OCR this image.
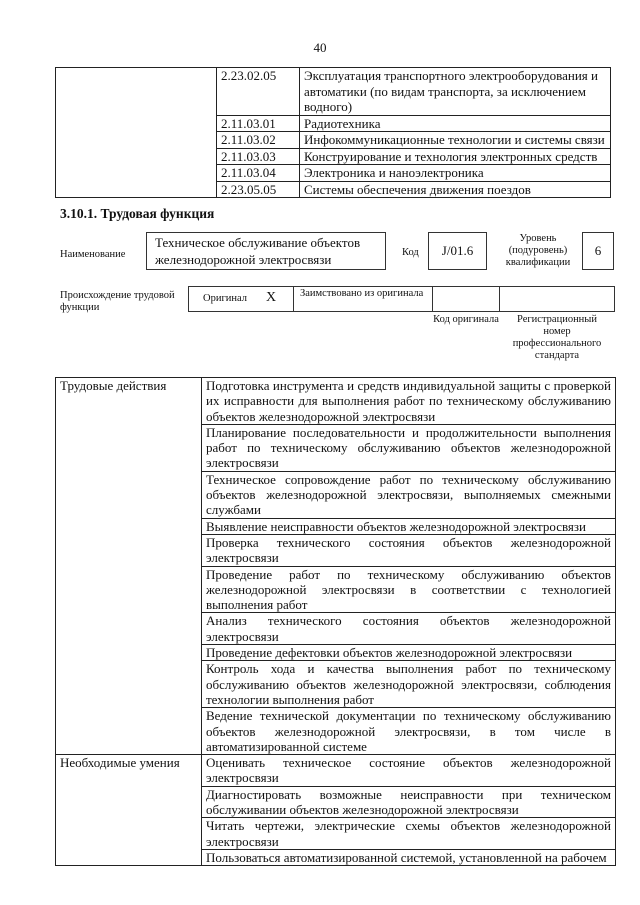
40
	2.23.02.05	Эксплуатация транспортного электрооборудования и автоматики (по видам транспорта, за исключением водного)
	2.11.03.01	Радиотехника
	2.11.03.02	Инфокоммуникационные технологии и системы связи
	2.11.03.03	Конструирование и технология электронных средств
	2.11.03.04	Электроника и наноэлектроника
	2.23.05.05	Системы обеспечения движения поездов
3.10.1. Трудовая функция
Наименование
Техническое обслуживание объектов железнодорожной электросвязи	Код	J/01.6
Уровень (подуровень) квалификации
6
Происхождение трудовой функции
Оригинал X	Заимствовано из оригинала
Код оригинала	Регистрационный номер профессионального стандарта
Трудовые действия	Подготовка инструмента и средств индивидуальной защиты с проверкой их исправности для выполнения работ по техническому обслуживанию объектов железнодорожной электросвязи
	Планирование последовательности и продолжительности выполнения работ по техническому обслуживанию объектов железнодорожной электросвязи
	Техническое сопровождение работ по техническому обслуживанию объектов железнодорожной электросвязи, выполняемых смежными службами
	Выявление неисправности объектов железнодорожной электросвязи
	Проверка технического состояния объектов железнодорожной электросвязи
	Проведение работ по техническому обслуживанию объектов железнодорожной электросвязи в соответствии с технологией выполнения работ
	Анализ технического состояния объектов железнодорожной электросвязи
	Проведение дефектовки объектов железнодорожной электросвязи
	Контроль хода и качества выполнения работ по техническому обслуживанию объектов железнодорожной электросвязи, соблюдения технологии выполнения работ
	Ведение технической документации по техническому обслуживанию объектов железнодорожной электросвязи, в том числе в автоматизированной системе
Необходимые умения	Оценивать техническое состояние объектов железнодорожной электросвязи
	Диагностировать возможные неисправности при техническом обслуживании объектов железнодорожной электросвязи
	Читать чертежи, электрические схемы объектов железнодорожной электросвязи
	Пользоваться автоматизированной системой, установленной на рабочем
